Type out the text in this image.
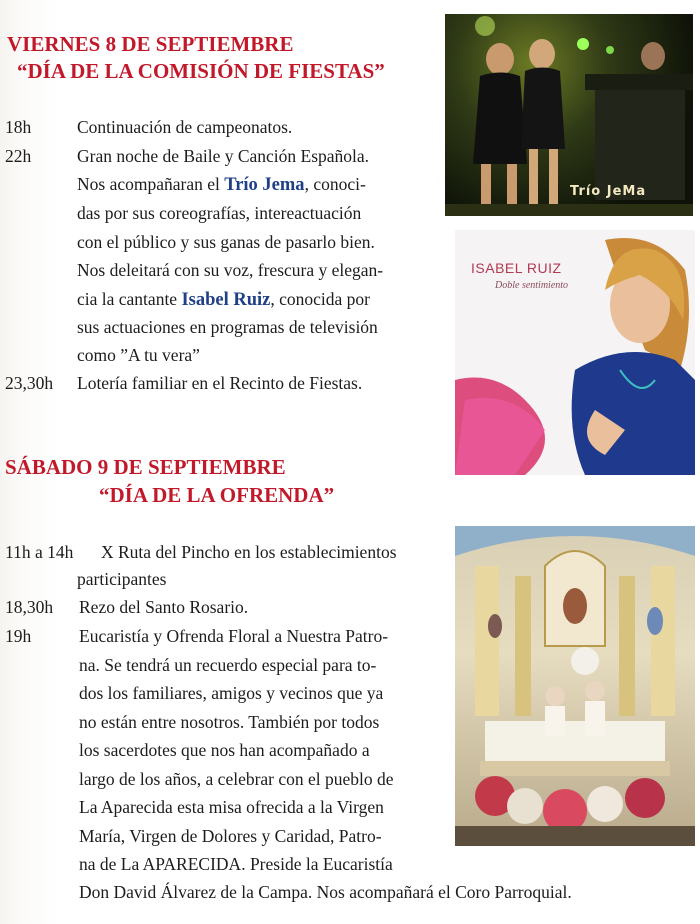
VIERNES 8 DE SEPTIEMBRE
“DÍA DE LA COMISIÓN DE FIESTAS”
18h	Continuación de campeonatos.
22h	Gran noche de Baile y Canción Española.
Nos acompañaran el Trío Jema, conoci-
das por sus coreografías, intereactuación
con el público y sus ganas de pasarlo bien.
Nos deleitará con su voz, frescura y elegan-
cia la cantante Isabel Ruiz, conocida por
sus actuaciones en programas de televisión
como ”A tu vera”
23,30h Lotería familiar en el Recinto de Fiestas.
SÁBADO 9 DE SEPTIEMBRE
“DÍA DE LA OFRENDA”
11h a 14h X Ruta del Pincho en los establecimientos
participantes
18,30h Rezo del Santo Rosario.
19h	Eucaristía y Ofrenda Floral a Nuestra Patro-
na. Se tendrá un recuerdo especial para to-
dos los familiares, amigos y vecinos que ya
no están entre nosotros. También por todos
los sacerdotes que nos han acompañado a
largo de los años, a celebrar con el pueblo de
La Aparecida esta misa ofrecida a la Virgen
María, Virgen de Dolores y Caridad, Patro-
na de La APARECIDA. Preside la Eucaristía
Don David Álvarez de la Campa. Nos acompañará el Coro Parroquial.
Trío JeMa
ISABEL RUIZ
Doble sentimiento
